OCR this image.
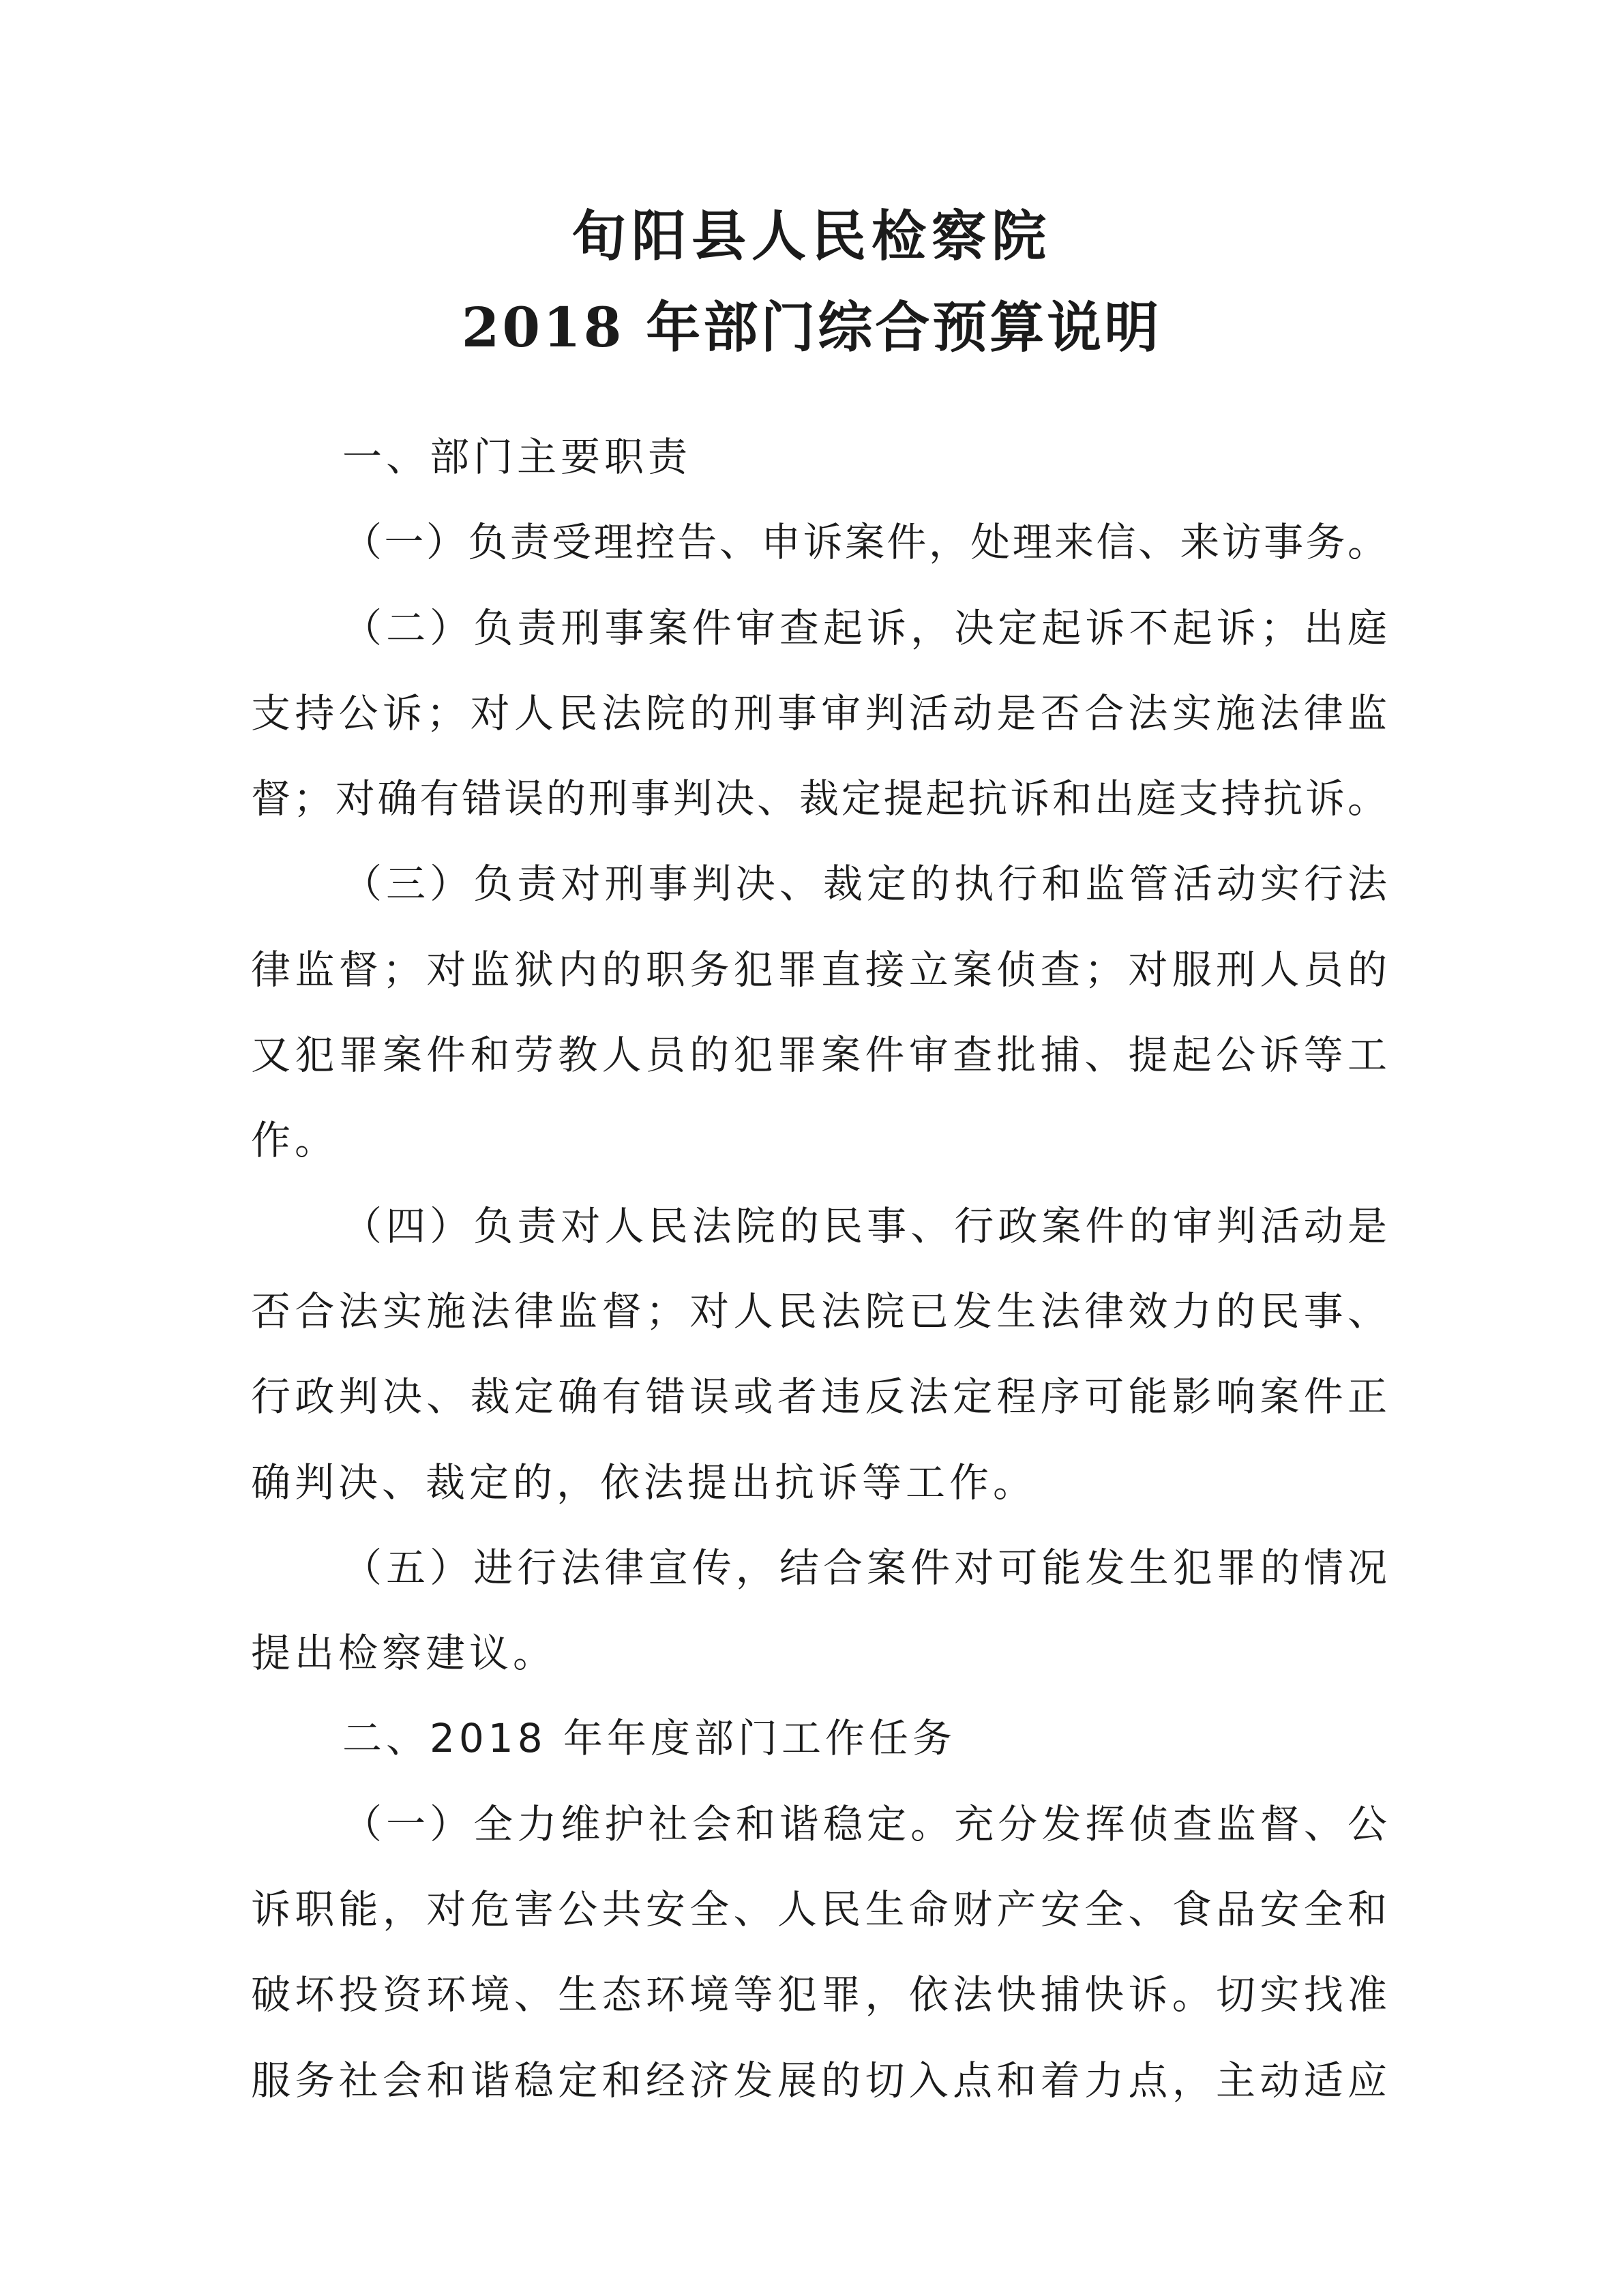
旬阳县人民检察院
2018 年部门综合预算说明
一、部门主要职责
（一）负责受理控告、申诉案件，处理来信、来访事务。
（二）负责刑事案件审查起诉，决定起诉不起诉；出庭
支持公诉；对人民法院的刑事审判活动是否合法实施法律监
督；对确有错误的刑事判决、裁定提起抗诉和出庭支持抗诉。
（三）负责对刑事判决、裁定的执行和监管活动实行法
律监督；对监狱内的职务犯罪直接立案侦查；对服刑人员的
又犯罪案件和劳教人员的犯罪案件审查批捕、提起公诉等工
作。
（四）负责对人民法院的民事、行政案件的审判活动是
否合法实施法律监督；对人民法院已发生法律效力的民事、
行政判决、裁定确有错误或者违反法定程序可能影响案件正
确判决、裁定的，依法提出抗诉等工作。
（五）进行法律宣传，结合案件对可能发生犯罪的情况
提出检察建议。
二、2018 年年度部门工作任务
（一）全力维护社会和谐稳定。充分发挥侦查监督、公
诉职能，对危害公共安全、人民生命财产安全、食品安全和
破坏投资环境、生态环境等犯罪，依法快捕快诉。切实找准
服务社会和谐稳定和经济发展的切入点和着力点，主动适应
